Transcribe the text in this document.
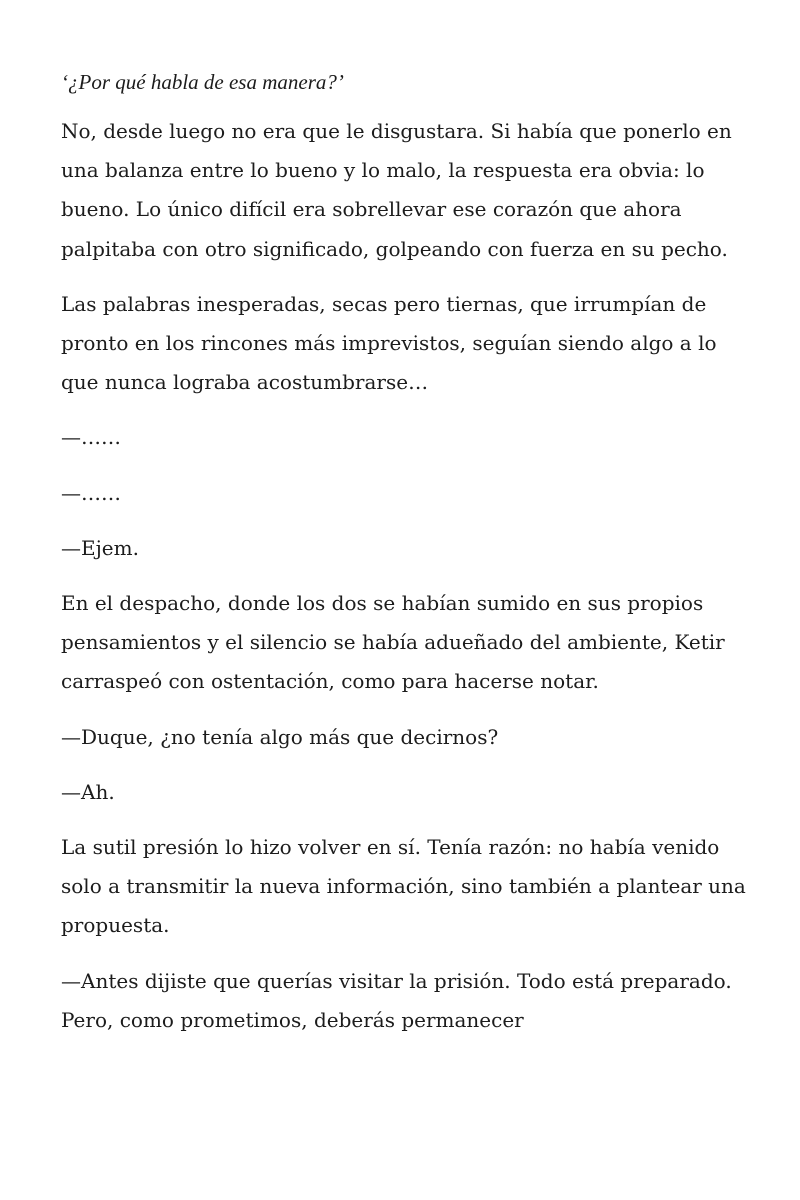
‘¿Por qué habla de esa manera?’

No, desde luego no era que le disgustara. Si había que ponerlo en una balanza entre lo bueno y lo malo, la respuesta era obvia: lo bueno. Lo único difícil era sobrellevar ese corazón que ahora palpitaba con otro significado, golpeando con fuerza en su pecho.

Las palabras inesperadas, secas pero tiernas, que irrumpían de pronto en los rincones más imprevistos, seguían siendo algo a lo que nunca lograba acostumbrarse…

—……

—……

—Ejem.

En el despacho, donde los dos se habían sumido en sus propios pensamientos y el silencio se había adueñado del ambiente, Ketir carraspeó con ostentación, como para hacerse notar.

—Duque, ¿no tenía algo más que decirnos?

—Ah.

La sutil presión lo hizo volver en sí. Tenía razón: no había venido solo a transmitir la nueva información, sino también a plantear una propuesta.

—Antes dijiste que querías visitar la prisión. Todo está preparado. Pero, como prometimos, deberás permanecer
